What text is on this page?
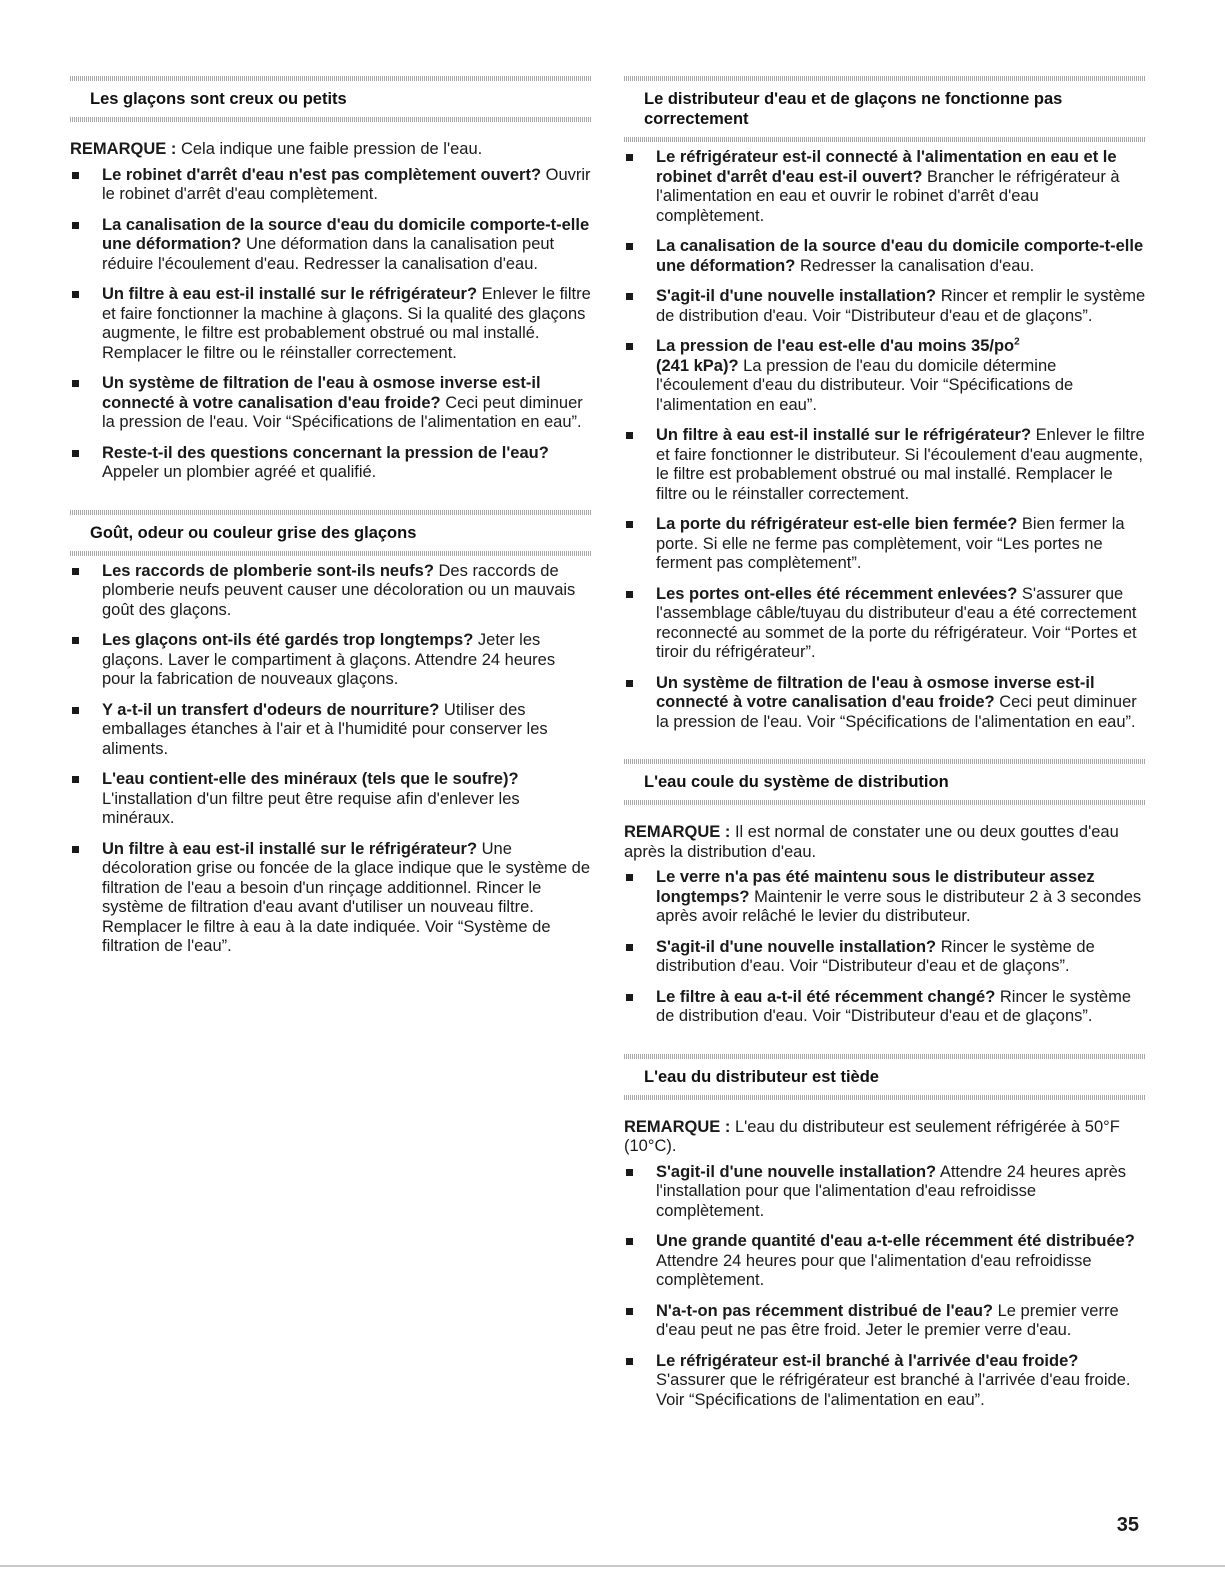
Les glaçons sont creux ou petits
REMARQUE : Cela indique une faible pression de l'eau.
Le robinet d'arrêt d'eau n'est pas complètement ouvert? Ouvrir le robinet d'arrêt d'eau complètement.
La canalisation de la source d'eau du domicile comporte-t-elle une déformation? Une déformation dans la canalisation peut réduire l'écoulement d'eau. Redresser la canalisation d'eau.
Un filtre à eau est-il installé sur le réfrigérateur? Enlever le filtre et faire fonctionner la machine à glaçons. Si la qualité des glaçons augmente, le filtre est probablement obstrué ou mal installé. Remplacer le filtre ou le réinstaller correctement.
Un système de filtration de l'eau à osmose inverse est-il connecté à votre canalisation d'eau froide? Ceci peut diminuer la pression de l'eau. Voir “Spécifications de l'alimentation en eau”.
Reste-t-il des questions concernant la pression de l'eau? Appeler un plombier agréé et qualifié.
Goût, odeur ou couleur grise des glaçons
Les raccords de plomberie sont-ils neufs? Des raccords de plomberie neufs peuvent causer une décoloration ou un mauvais goût des glaçons.
Les glaçons ont-ils été gardés trop longtemps? Jeter les glaçons. Laver le compartiment à glaçons. Attendre 24 heures pour la fabrication de nouveaux glaçons.
Y a-t-il un transfert d'odeurs de nourriture? Utiliser des emballages étanches à l'air et à l'humidité pour conserver les aliments.
L'eau contient-elle des minéraux (tels que le soufre)? L'installation d'un filtre peut être requise afin d'enlever les minéraux.
Un filtre à eau est-il installé sur le réfrigérateur? Une décoloration grise ou foncée de la glace indique que le système de filtration de l'eau a besoin d'un rinçage additionnel. Rincer le système de filtration d'eau avant d'utiliser un nouveau filtre. Remplacer le filtre à eau à la date indiquée. Voir “Système de filtration de l'eau”.
Le distributeur d'eau et de glaçons ne fonctionne pas correctement
Le réfrigérateur est-il connecté à l'alimentation en eau et le robinet d'arrêt d'eau est-il ouvert? Brancher le réfrigérateur à l'alimentation en eau et ouvrir le robinet d'arrêt d'eau complètement.
La canalisation de la source d'eau du domicile comporte-t-elle une déformation? Redresser la canalisation d'eau.
S'agit-il d'une nouvelle installation? Rincer et remplir le système de distribution d'eau. Voir “Distributeur d'eau et de glaçons”.
La pression de l'eau est-elle d'au moins $35/po^2$
(241 kPa)? La pression de l'eau du domicile détermine l'écoulement d'eau du distributeur. Voir “Spécifications de l'alimentation en eau”.
Un filtre à eau est-il installé sur le réfrigérateur? Enlever le filtre et faire fonctionner le distributeur. Si l'écoulement d'eau augmente, le filtre est probablement obstrué ou mal installé. Remplacer le filtre ou le réinstaller correctement.
La porte du réfrigérateur est-elle bien fermée? Bien fermer la porte. Si elle ne ferme pas complètement, voir “Les portes ne ferment pas complètement”.
Les portes ont-elles été récemment enlevées? S'assurer que l'assemblage câble/tuyau du distributeur d'eau a été correctement reconnecté au sommet de la porte du réfrigérateur. Voir “Portes et tiroir du réfrigérateur”.
Un système de filtration de l'eau à osmose inverse est-il connecté à votre canalisation d'eau froide? Ceci peut diminuer la pression de l'eau. Voir “Spécifications de l'alimentation en eau”.
L'eau coule du système de distribution
REMARQUE : Il est normal de constater une ou deux gouttes d'eau après la distribution d'eau.
Le verre n'a pas été maintenu sous le distributeur assez longtemps? Maintenir le verre sous le distributeur 2 à 3 secondes après avoir relâché le levier du distributeur.
S'agit-il d'une nouvelle installation? Rincer le système de distribution d'eau. Voir “Distributeur d'eau et de glaçons”.
Le filtre à eau a-t-il été récemment changé? Rincer le système de distribution d'eau. Voir “Distributeur d'eau et de glaçons”.
L'eau du distributeur est tiède
REMARQUE : L'eau du distributeur est seulement réfrigérée à 50°F (10°C).
S'agit-il d'une nouvelle installation? Attendre 24 heures après l'installation pour que l'alimentation d'eau refroidisse complètement.
Une grande quantité d'eau a-t-elle récemment été distribuée? Attendre 24 heures pour que l'alimentation d'eau refroidisse complètement.
N'a-t-on pas récemment distribué de l'eau? Le premier verre d'eau peut ne pas être froid. Jeter le premier verre d'eau.
Le réfrigérateur est-il branché à l'arrivée d'eau froide? S'assurer que le réfrigérateur est branché à l'arrivée d'eau froide. Voir “Spécifications de l'alimentation en eau”.
35
